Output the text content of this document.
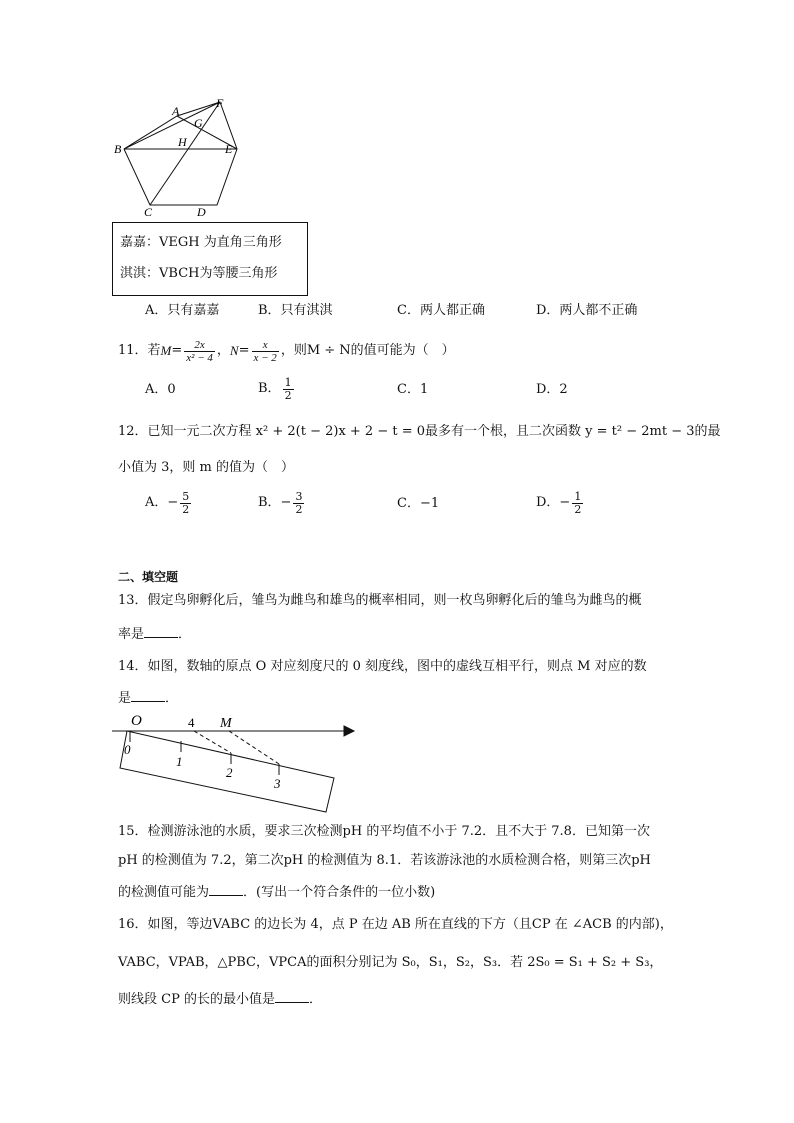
A
F
G
H
B	E
C	D
嘉嘉：VEGH 为直角三角形
淇淇：VBCH为等腰三角形
A．只有嘉嘉	B．只有淇淇	C．两人都正确	D．两人都不正确
11．若 $M = \frac{2x}{\text{x² − 4}}$ ， $N = \frac{x}{x - 2}$ ，则M ÷ N的值可能为（　）
A．0	B． $\frac{1}{2}$	C．1	D．2
12．已知一元二次方程 x² + 2(t − 2)x + 2 − t = 0最多有一个根，且二次函数 y = t² − 2mt − 3的最
小值为 3，则 m 的值为（　）
A．− $\frac{5}{2}$	B．− $\frac{3}{2}$	C．−1	D．− $\frac{1}{2}$
二、填空题
13．假定鸟卵孵化后，雏鸟为雌鸟和雄鸟的概率相同，则一枚鸟卵孵化后的雏鸟为雌鸟的概
率是	．
14．如图，数轴的原点 O 对应刻度尺的 0 刻度线，图中的虚线互相平行，则点 M 对应的数
是	．
O	4 M
0
1
2
3
15．检测游泳池的水质，要求三次检测pH 的平均值不小于 7.2．且不大于 7.8．已知第一次
pH 的检测值为 7.2，第二次pH 的检测值为 8.1．若该游泳池的水质检测合格，则第三次pH
的检测值可能为	．(写出一个符合条件的一位小数)
16．如图，等边VABC 的边长为 4，点 P 在边 AB 所在直线的下方（且CP 在 ∠ACB 的内部)，
VABC，VPAB，△PBC，VPCA的面积分别记为 S₀，S₁，S₂，S₃．若 2S₀ = S₁ + S₂ + S₃，
则线段 CP 的长的最小值是	．
